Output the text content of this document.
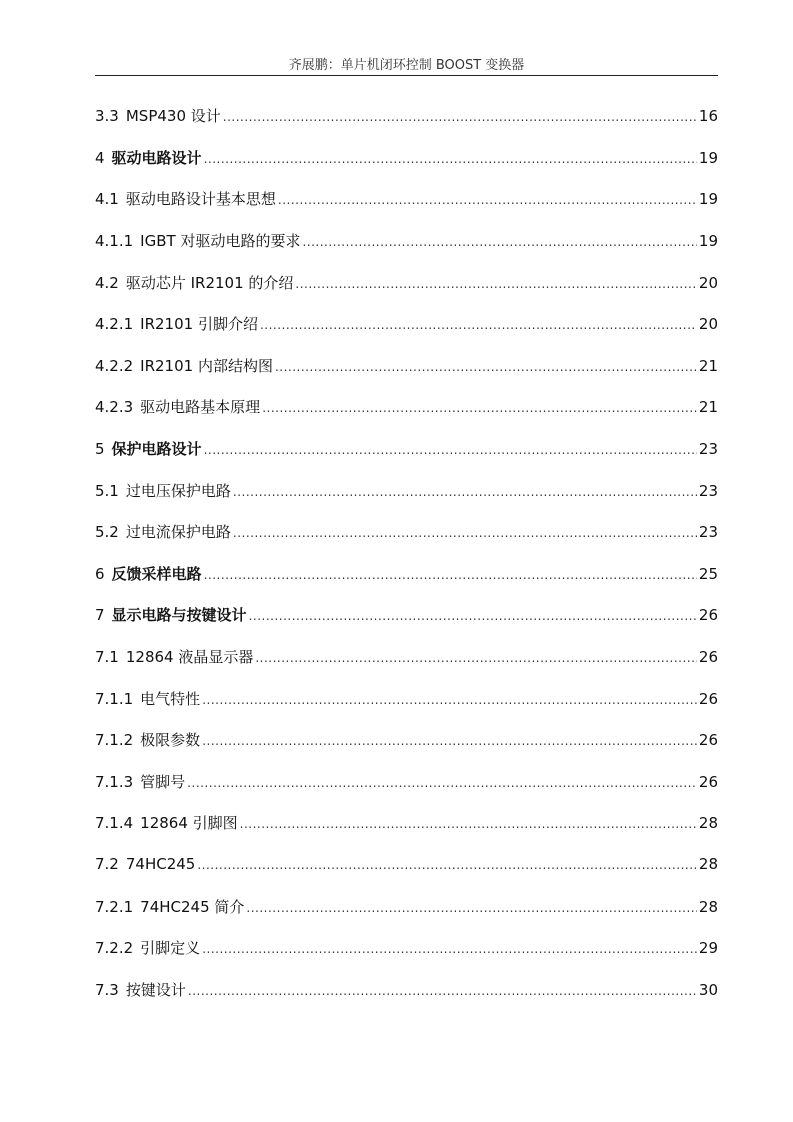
齐展鹏：单片机闭环控制 BOOST 变换器
3.3 MSP430 设计 .....	16
4 驱动电路设计 .....	19
4.1 驱动电路设计基本思想 .....	19
4.1.1 IGBT 对驱动电路的要求 .....	19
4.2 驱动芯片 IR2101 的介绍 .....	20
4.2.1 IR2101 引脚介绍 .....	20
4.2.2 IR2101 内部结构图 .....	21
4.2.3 驱动电路基本原理 .....	21
5 保护电路设计 .....	23
5.1 过电压保护电路 .....	23
5.2 过电流保护电路 .....	23
6 反馈采样电路 .....	25
7 显示电路与按键设计 .....	26
7.1 12864 液晶显示器 .....	26
7.1.1 电气特性 .....	26
7.1.2 极限参数 .....	26
7.1.3 管脚号 .....	26
7.1.4 12864 引脚图 .....	28
7.2 74HC245 .....	28
7.2.1 74HC245 简介 .....	28
7.2.2 引脚定义 .....	29
7.3 按键设计 .....	30
